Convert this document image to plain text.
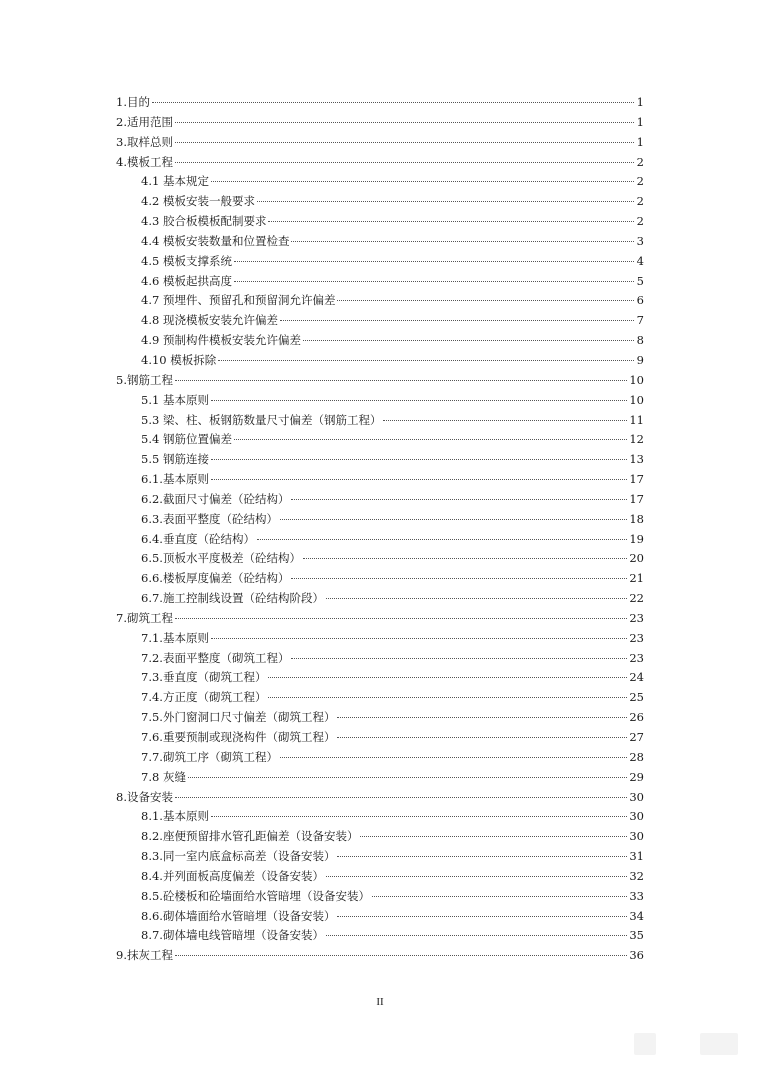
1.目的	1
2.适用范围	1
3.取样总则	1
4.模板工程	2
4.1 基本规定	2
4.2 模板安装一般要求	2
4.3 胶合板模板配制要求	2
4.4 模板安装数量和位置检查	3
4.5 模板支撑系统	4
4.6 模板起拱高度	5
4.7 预埋件、预留孔和预留洞允许偏差	6
4.8 现浇模板安装允许偏差	7
4.9 预制构件模板安装允许偏差	8
4.10 模板拆除	9
5.钢筋工程	10
5.1 基本原则	10
5.3 梁、柱、板钢筋数量尺寸偏差（钢筋工程）	11
5.4 钢筋位置偏差	12
5.5 钢筋连接	13
6.1.基本原则	17
6.2.截面尺寸偏差（砼结构）	17
6.3.表面平整度（砼结构）	18
6.4.垂直度（砼结构）	19
6.5.顶板水平度极差（砼结构）	20
6.6.楼板厚度偏差（砼结构）	21
6.7.施工控制线设置（砼结构阶段）	22
7.砌筑工程	23
7.1.基本原则	23
7.2.表面平整度（砌筑工程）	23
7.3.垂直度（砌筑工程）	24
7.4.方正度（砌筑工程）	25
7.5.外门窗洞口尺寸偏差（砌筑工程）	26
7.6.重要预制或现浇构件（砌筑工程）	27
7.7.砌筑工序（砌筑工程）	28
7.8 灰缝	29
8.设备安装	30
8.1.基本原则	30
8.2.座便预留排水管孔距偏差（设备安装）	30
8.3.同一室内底盒标高差（设备安装）	31
8.4.并列面板高度偏差（设备安装）	32
8.5.砼楼板和砼墙面给水管暗埋（设备安装）	33
8.6.砌体墙面给水管暗埋（设备安装）	34
8.7.砌体墙电线管暗埋（设备安装）	35
9.抹灰工程	36
II
